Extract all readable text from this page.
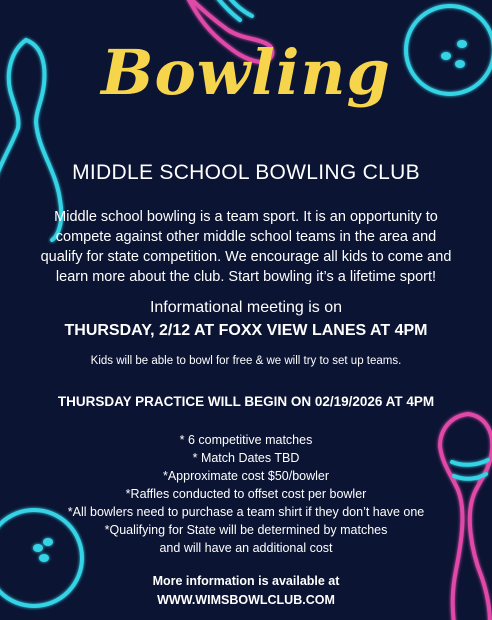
Bowling
MIDDLE SCHOOL BOWLING CLUB
Middle school bowling is a team sport. It is an opportunity to compete against other middle school teams in the area and qualify for state competition. We encourage all kids to come and learn more about the club. Start bowling it’s a lifetime sport!
Informational meeting is on
THURSDAY, 2/12 AT FOXX VIEW LANES AT 4PM
Kids will be able to bowl for free & we will try to set up teams.
THURSDAY PRACTICE WILL BEGIN ON 02/19/2026 AT 4PM
* 6 competitive matches
* Match Dates TBD
*Approximate cost $50/bowler
*Raffles conducted to offset cost per bowler
*All bowlers need to purchase a team shirt if they don’t have one
*Qualifying for State will be determined by matches
and will have an additional cost
More information is available at
WWW.WIMSBOWLCLUB.COM
